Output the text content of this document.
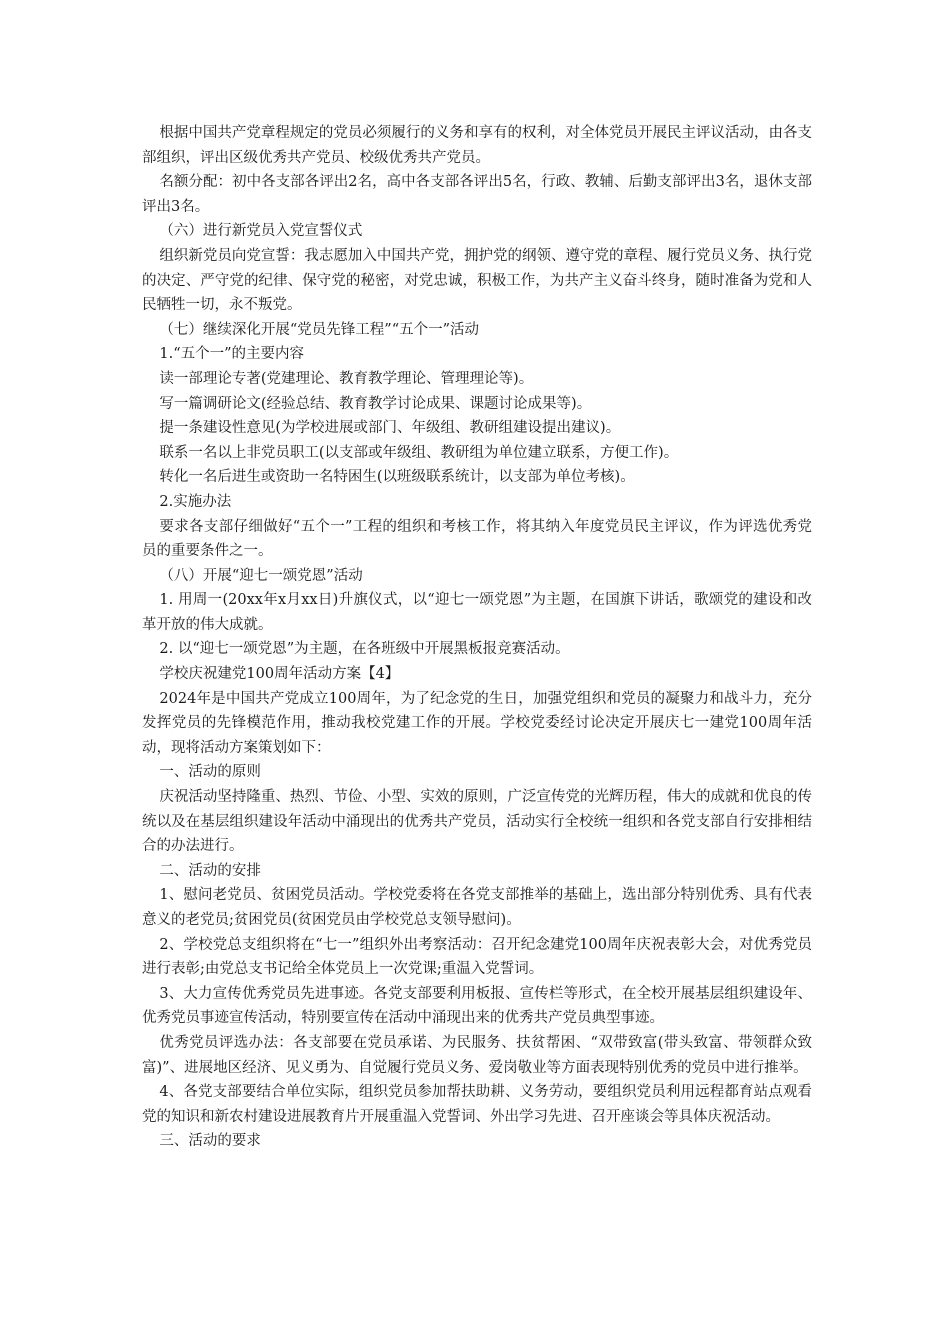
根据中国共产党章程规定的党员必须履行的义务和享有的权利，对全体党员开展民主评议活动，由各支部组织，评出区级优秀共产党员、校级优秀共产党员。

名额分配：初中各支部各评出2名，高中各支部各评出5名，行政、教辅、后勤支部评出3名，退休支部评出3名。

（六）进行新党员入党宣誓仪式

组织新党员向党宣誓：我志愿加入中国共产党，拥护党的纲领、遵守党的章程、履行党员义务、执行党的决定、严守党的纪律、保守党的秘密，对党忠诚，积极工作，为共产主义奋斗终身，随时准备为党和人民牺牲一切，永不叛党。

（七）继续深化开展“党员先锋工程”“五个一”活动

1.“五个一”的主要内容

读一部理论专著(党建理论、教育教学理论、管理理论等)。

写一篇调研论文(经验总结、教育教学讨论成果、课题讨论成果等)。

提一条建设性意见(为学校进展或部门、年级组、教研组建设提出建议)。

联系一名以上非党员职工(以支部或年级组、教研组为单位建立联系，方便工作)。

转化一名后进生或资助一名特困生(以班级联系统计，以支部为单位考核)。

2.实施办法

要求各支部仔细做好“五个一”工程的组织和考核工作，将其纳入年度党员民主评议，作为评选优秀党员的重要条件之一。

（八）开展“迎七一颂党恩”活动

1. 用周一(20xx年x月xx日)升旗仪式，以“迎七一颂党恩”为主题，在国旗下讲话，歌颂党的建设和改革开放的伟大成就。

2. 以“迎七一颂党恩”为主题，在各班级中开展黑板报竞赛活动。

学校庆祝建党100周年活动方案【4】

2024年是中国共产党成立100周年，为了纪念党的生日，加强党组织和党员的凝聚力和战斗力，充分发挥党员的先锋模范作用，推动我校党建工作的开展。学校党委经讨论决定开展庆七一建党100周年活动，现将活动方案策划如下：

一、活动的原则

庆祝活动坚持隆重、热烈、节俭、小型、实效的原则，广泛宣传党的光辉历程，伟大的成就和优良的传统以及在基层组织建设年活动中涌现出的优秀共产党员，活动实行全校统一组织和各党支部自行安排相结合的办法进行。

二、活动的安排

1、慰问老党员、贫困党员活动。学校党委将在各党支部推举的基础上，选出部分特别优秀、具有代表意义的老党员;贫困党员(贫困党员由学校党总支领导慰问)。

2、学校党总支组织将在“七一”组织外出考察活动：召开纪念建党100周年庆祝表彰大会，对优秀党员进行表彰;由党总支书记给全体党员上一次党课;重温入党誓词。

3、大力宣传优秀党员先进事迹。各党支部要利用板报、宣传栏等形式，在全校开展基层组织建设年、优秀党员事迹宣传活动，特别要宣传在活动中涌现出来的优秀共产党员典型事迹。

优秀党员评选办法：各支部要在党员承诺、为民服务、扶贫帮困、“双带致富(带头致富、带领群众致富)”、进展地区经济、见义勇为、自觉履行党员义务、爱岗敬业等方面表现特别优秀的党员中进行推举。

4、各党支部要结合单位实际，组织党员参加帮扶助耕、义务劳动，要组织党员利用远程都育站点观看党的知识和新农村建设进展教育片开展重温入党誓词、外出学习先进、召开座谈会等具体庆祝活动。

三、活动的要求
